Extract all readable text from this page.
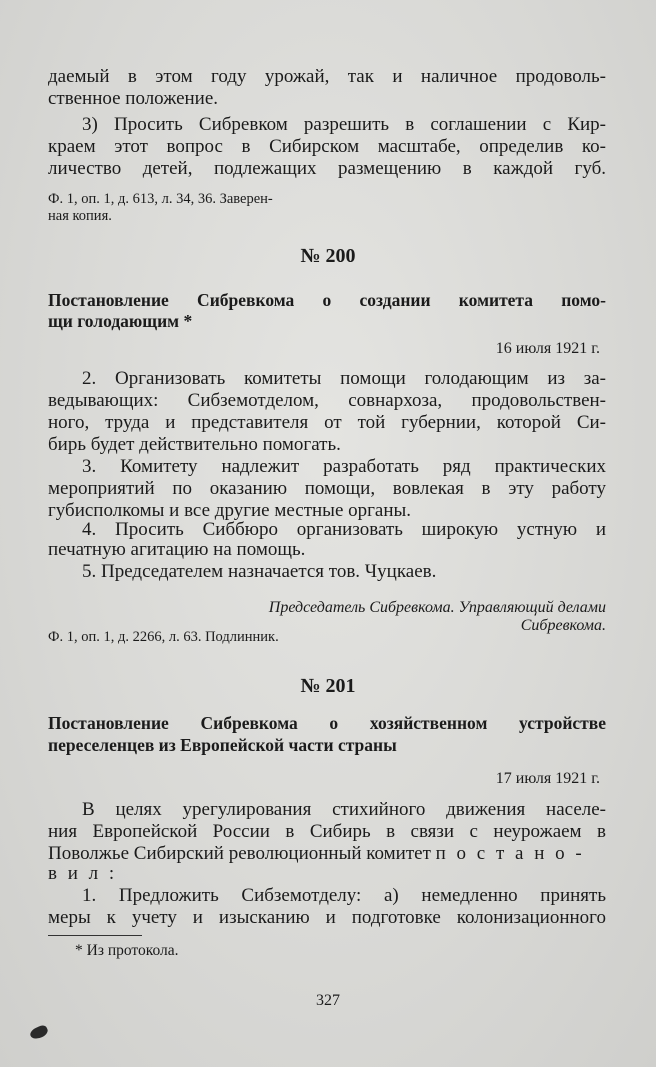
даемый в этом году урожай, так и наличное продоволь-
ственное положение.
3) Просить Сибревком разрешить в соглашении с Кир-
краем этот вопрос в Сибирском масштабе, определив ко-
личество детей, подлежащих размещению в каждой губ.
Ф. 1, оп. 1, д. 613, л. 34, 36. Заверен-
ная копия.
№ 200
Постановление Сибревкома о создании комитета помо-
щи голодающим *
16 июля 1921 г.
2. Организовать комитеты помощи голодающим из за-
ведывающих: Сибземотделом, совнархоза, продовольствен-
ного, труда и представителя от той губернии, которой Си-
бирь будет действительно помогать.
3. Комитету надлежит разработать ряд практических
мероприятий по оказанию помощи, вовлекая в эту работу
губисполкомы и все другие местные органы.
4. Просить Сиббюро организовать широкую устную и
печатную агитацию на помощь.
5. Председателем назначается тов. Чуцкаев.
Председатель Сибревкома. Управляющий делами
Сибревкома.
Ф. 1, оп. 1, д. 2266, л. 63. Подлинник.
№ 201
Постановление Сибревкома о хозяйственном устройстве
переселенцев из Европейской части страны
17 июля 1921 г.
В целях урегулирования стихийного движения населе-
ния Европейской России в Сибирь в связи с неурожаем в
Поволжье Сибирский революционный комитет п о с т а н о -
в и л :
1. Предложить Сибземотделу: а) немедленно принять
меры к учету и изысканию и подготовке колонизационного
* Из протокола.
327
